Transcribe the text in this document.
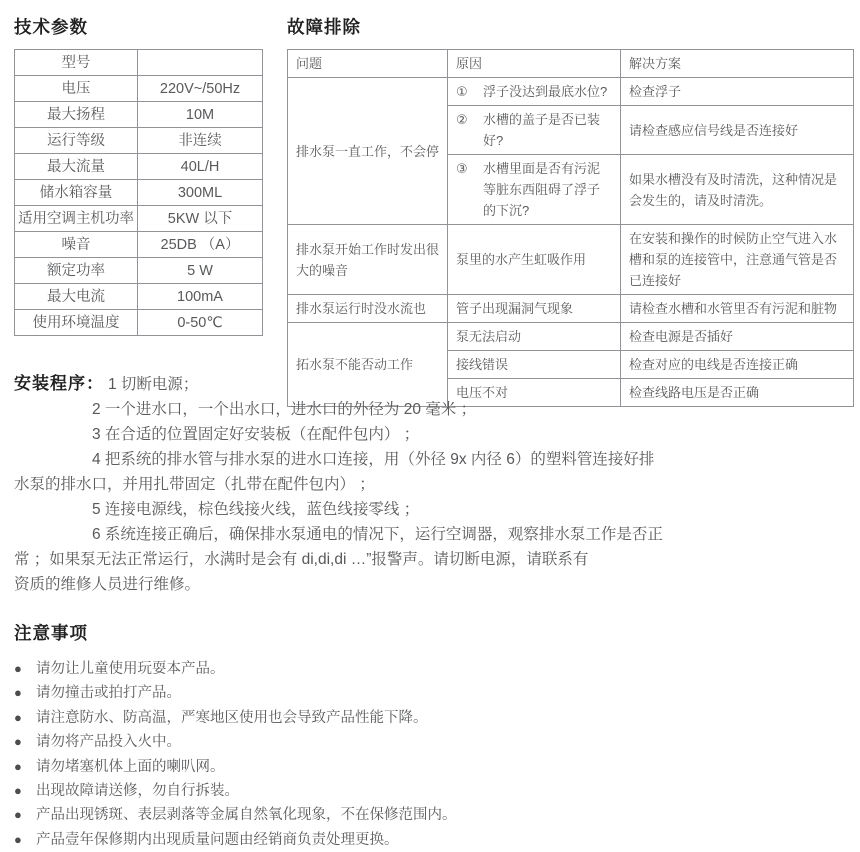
技术参数
型号	
电压	220V~/50Hz
最大扬程	10M
运行等级	非连续
最大流量	40L/H
储水箱容量	300ML
适用空调主机功率	5KW 以下
噪音	25DB （A）
额定功率	5 W
最大电流	100mA
使用环境温度	0-50℃
故障排除
问题	原因	解决方案
排水泵一直工作，不会停	① 浮子没达到最底水位?	检查浮子

	② 水槽的盖子是否已装好?	请检查感应信号线是否连接好

	③ 水槽里面是否有污泥等脏东西阻碍了浮子的下沉?	如果水槽没有及时清洗，这种情况是会发生的，请及时清洗。
排水泵开始工作时发出很大的噪音	泵里的水产生虹吸作用	在安装和操作的时候防止空气进入水槽和泵的连接管中，注意通气管是否已连接好
排水泵运行时没水流也	管子出现漏洞气现象	请检查水槽和水管里否有污泥和脏物
拓水泵不能否动工作	泵无法启动	检查电源是否插好
	接线错误	检查对应的电线是否连接正确
	电压不对	检查线路电压是否正确
安装程序： 1 切断电源；
2 一个进水口，一个出水口，进水口的外径为 20 毫米 ；
3 在合适的位置固定好安装板（在配件包内） ；
4 把系统的排水管与排水泵的进水口连接，用（外径 9x 内径 6）的塑料管连接好排
水泵的排水口，并用扎带固定（扎带在配件包内） ；
5 连接电源线，棕色线接火线，蓝色线接零线 ；
6 系统连接正确后，确保排水泵通电的情况下，运行空调器，观察排水泵工作是否正
常 ；如果泵无法正常运行，水满时是会有 di,di,di …”报警声。请切断电源，请联系有
资质的维修人员进行维修。
注意事项
● 请勿让儿童使用玩耍本产品。
● 请勿撞击或拍打产品。
● 请注意防水、防高温，严寒地区使用也会导致产品性能下降。
● 请勿将产品投入火中。
● 请勿堵塞机体上面的喇叭网。
● 出现故障请送修，勿自行拆装。
● 产品出现锈斑、表层剥落等金属自然氧化现象，不在保修范围内。
● 产品壹年保修期内出现质量问题由经销商负责处理更换。
